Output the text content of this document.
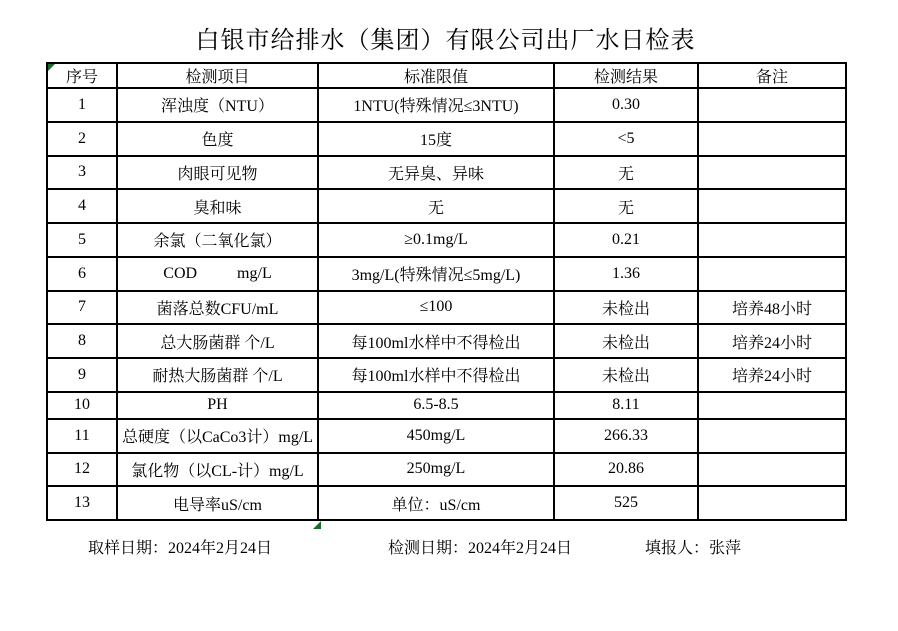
白银市给排水（集团）有限公司出厂水日检表
序号	检测项目	标准限值	检测结果	备注
1	浑浊度（NTU）	1NTU(特殊情况≤3NTU)	0.30	
2	色度	15度	<5	
3	肉眼可见物	无异臭、异味	无	
4	臭和味	无	无	
5	余氯（二氧化氯）	≥0.1mg/L	0.21	
6	COD          mg/L	3mg/L(特殊情况≤5mg/L)	1.36	
7	菌落总数CFU/mL	≤100	未检出	培养48小时
8	总大肠菌群 个/L	每100ml水样中不得检出	未检出	培养24小时
9	耐热大肠菌群 个/L	每100ml水样中不得检出	未检出	培养24小时
10	PH	6.5-8.5	8.11	
11	总硬度（以CaCo3计）mg/L	450mg/L	266.33	
12	氯化物（以CL-计）mg/L	250mg/L	20.86	
13	电导率uS/cm	单位：uS/cm	525	
取样日期：2024年2月24日	检测日期：2024年2月24日	填报人：张萍
